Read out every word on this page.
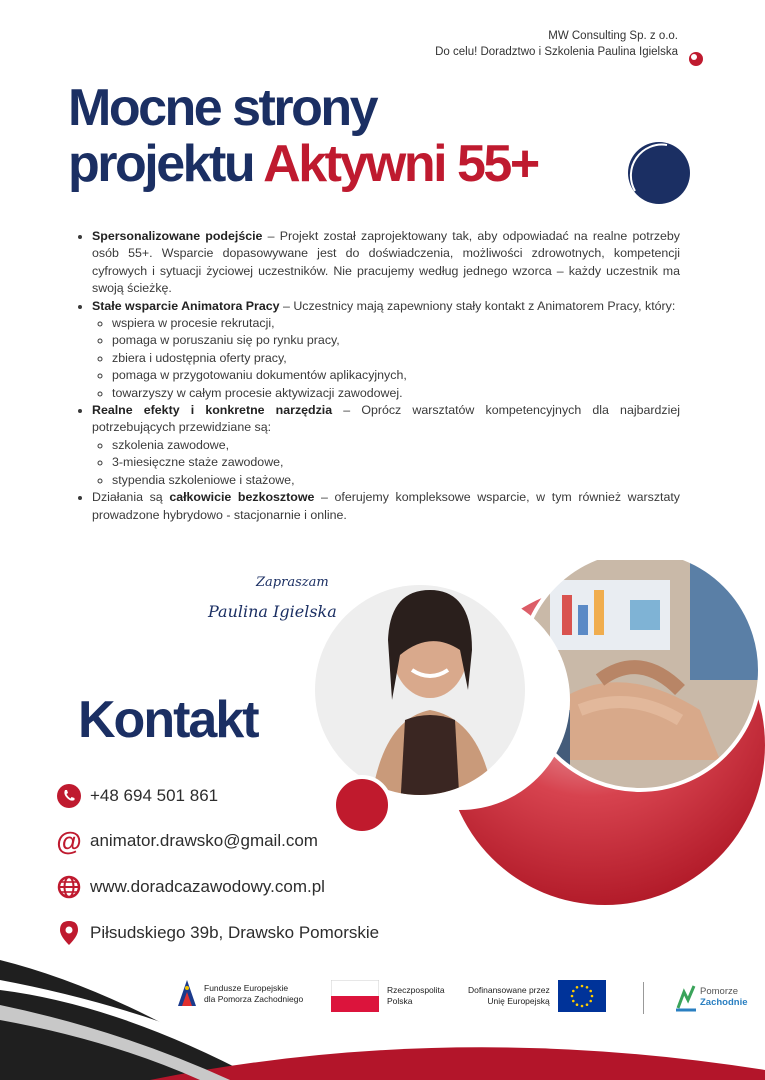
MW Consulting Sp. z o.o.
Do celu! Doradztwo i Szkolenia Paulina Igielska
Mocne strony
projektu Aktywni 55+
• Spersonalizowane podejście – Projekt został zaprojektowany tak, aby odpowiadać na realne potrzeby osób 55+. Wsparcie dopasowywane jest do doświadczenia, możliwości zdrowotnych, kompetencji cyfrowych i sytuacji życiowej uczestników. Nie pracujemy według jednego wzorca – każdy uczestnik ma swoją ścieżkę.
• Stałe wsparcie Animatora Pracy – Uczestnicy mają zapewniony stały kontakt z Animatorem Pracy, który:
◦ wspiera w procesie rekrutacji,
◦ pomaga w poruszaniu się po rynku pracy,
◦ zbiera i udostępnia oferty pracy,
◦ pomaga w przygotowaniu dokumentów aplikacyjnych,
◦ towarzyszy w całym procesie aktywizacji zawodowej.
• Realne efekty i konkretne narzędzia – Oprócz warsztatów kompetencyjnych dla najbardziej potrzebujących przewidziane są:
◦ szkolenia zawodowe,
◦ 3-miesięczne staże zawodowe,
◦ stypendia szkoleniowe i stażowe,
• Działania są całkowicie bezkosztowe – oferujemy kompleksowe wsparcie, w tym również warsztaty prowadzone hybrydowo - stacjonarnie i online.
Zapraszam
Paulina Igielska
Kontakt
+48 694 501 861
@ animator.drawsko@gmail.com
www.doradcazawodowy.com.pl
Piłsudskiego 39b, Drawsko Pomorskie
Fundusze Europejskie
dla Pomorza Zachodniego
Rzeczpospolita
Polska
Dofinansowane przez
Unię Europejską
Pomorze
Zachodnie
